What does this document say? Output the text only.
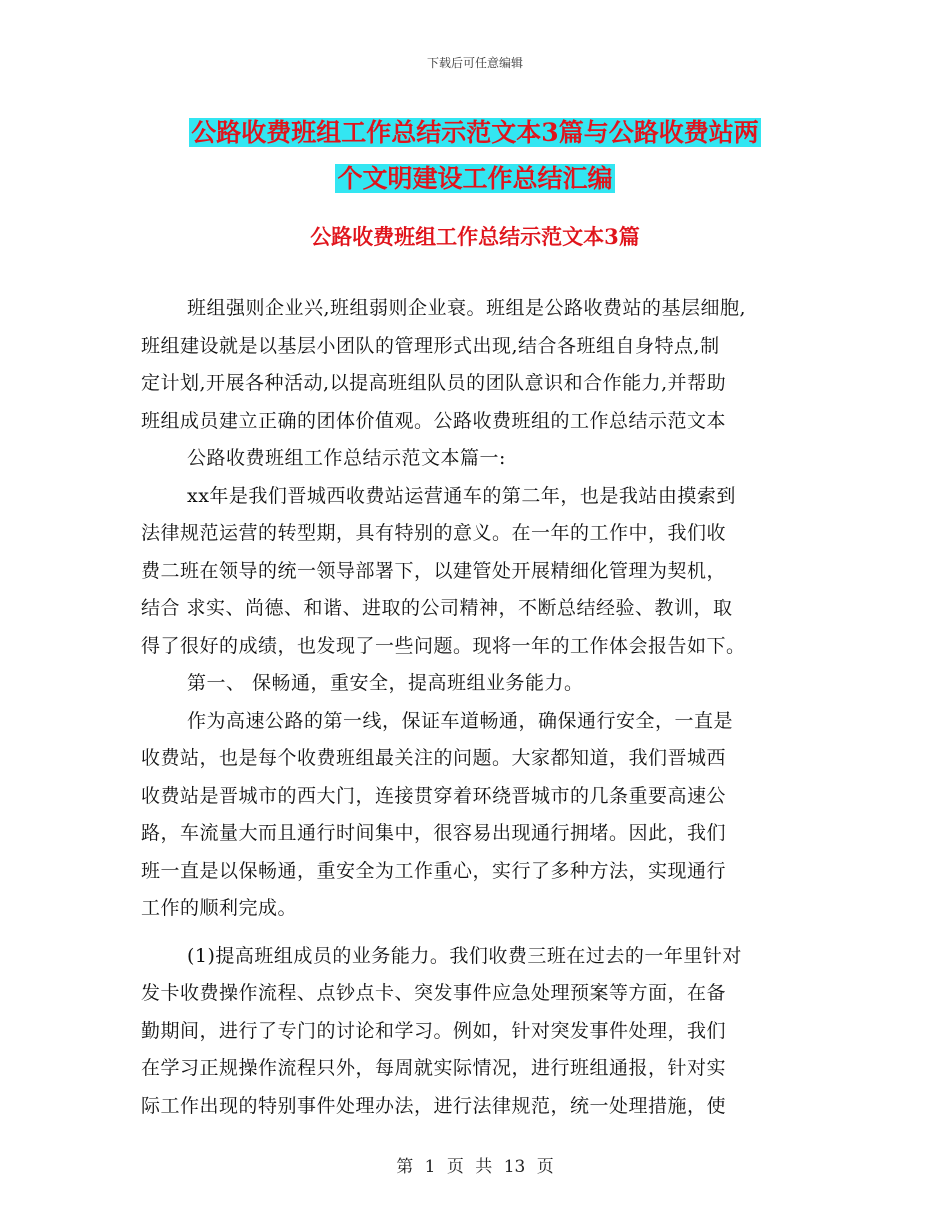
下载后可任意编辑
公路收费班组工作总结示范文本3篇与公路收费站两
个文明建设工作总结汇编
公路收费班组工作总结示范文本3篇
班组强则企业兴,班组弱则企业衰。班组是公路收费站的基层细胞,
班组建设就是以基层小团队的管理形式出现,结合各班组自身特点,制
定计划,开展各种活动,以提高班组队员的团队意识和合作能力,并帮助
班组成员建立正确的团体价值观。公路收费班组的工作总结示范文本
公路收费班组工作总结示范文本篇一:
xx年是我们晋城西收费站运营通车的第二年，也是我站由摸索到
法律规范运营的转型期，具有特别的意义。在一年的工作中，我们收
费二班在领导的统一领导部署下，以建管处开展精细化管理为契机，
结合 求实、尚德、和谐、进取的公司精神，不断总结经验、教训，取
得了很好的成绩，也发现了一些问题。现将一年的工作体会报告如下。
第一、 保畅通，重安全，提高班组业务能力。
作为高速公路的第一线，保证车道畅通，确保通行安全，一直是
收费站，也是每个收费班组最关注的问题。大家都知道，我们晋城西
收费站是晋城市的西大门，连接贯穿着环绕晋城市的几条重要高速公
路，车流量大而且通行时间集中，很容易出现通行拥堵。因此，我们
班一直是以保畅通，重安全为工作重心，实行了多种方法，实现通行
工作的顺利完成。
(1)提高班组成员的业务能力。我们收费三班在过去的一年里针对
发卡收费操作流程、点钞点卡、突发事件应急处理预案等方面，在备
勤期间，进行了专门的讨论和学习。例如，针对突发事件处理，我们
在学习正规操作流程只外，每周就实际情况，进行班组通报，针对实
际工作出现的特别事件处理办法，进行法律规范，统一处理措施，使
第 1 页 共 13 页
